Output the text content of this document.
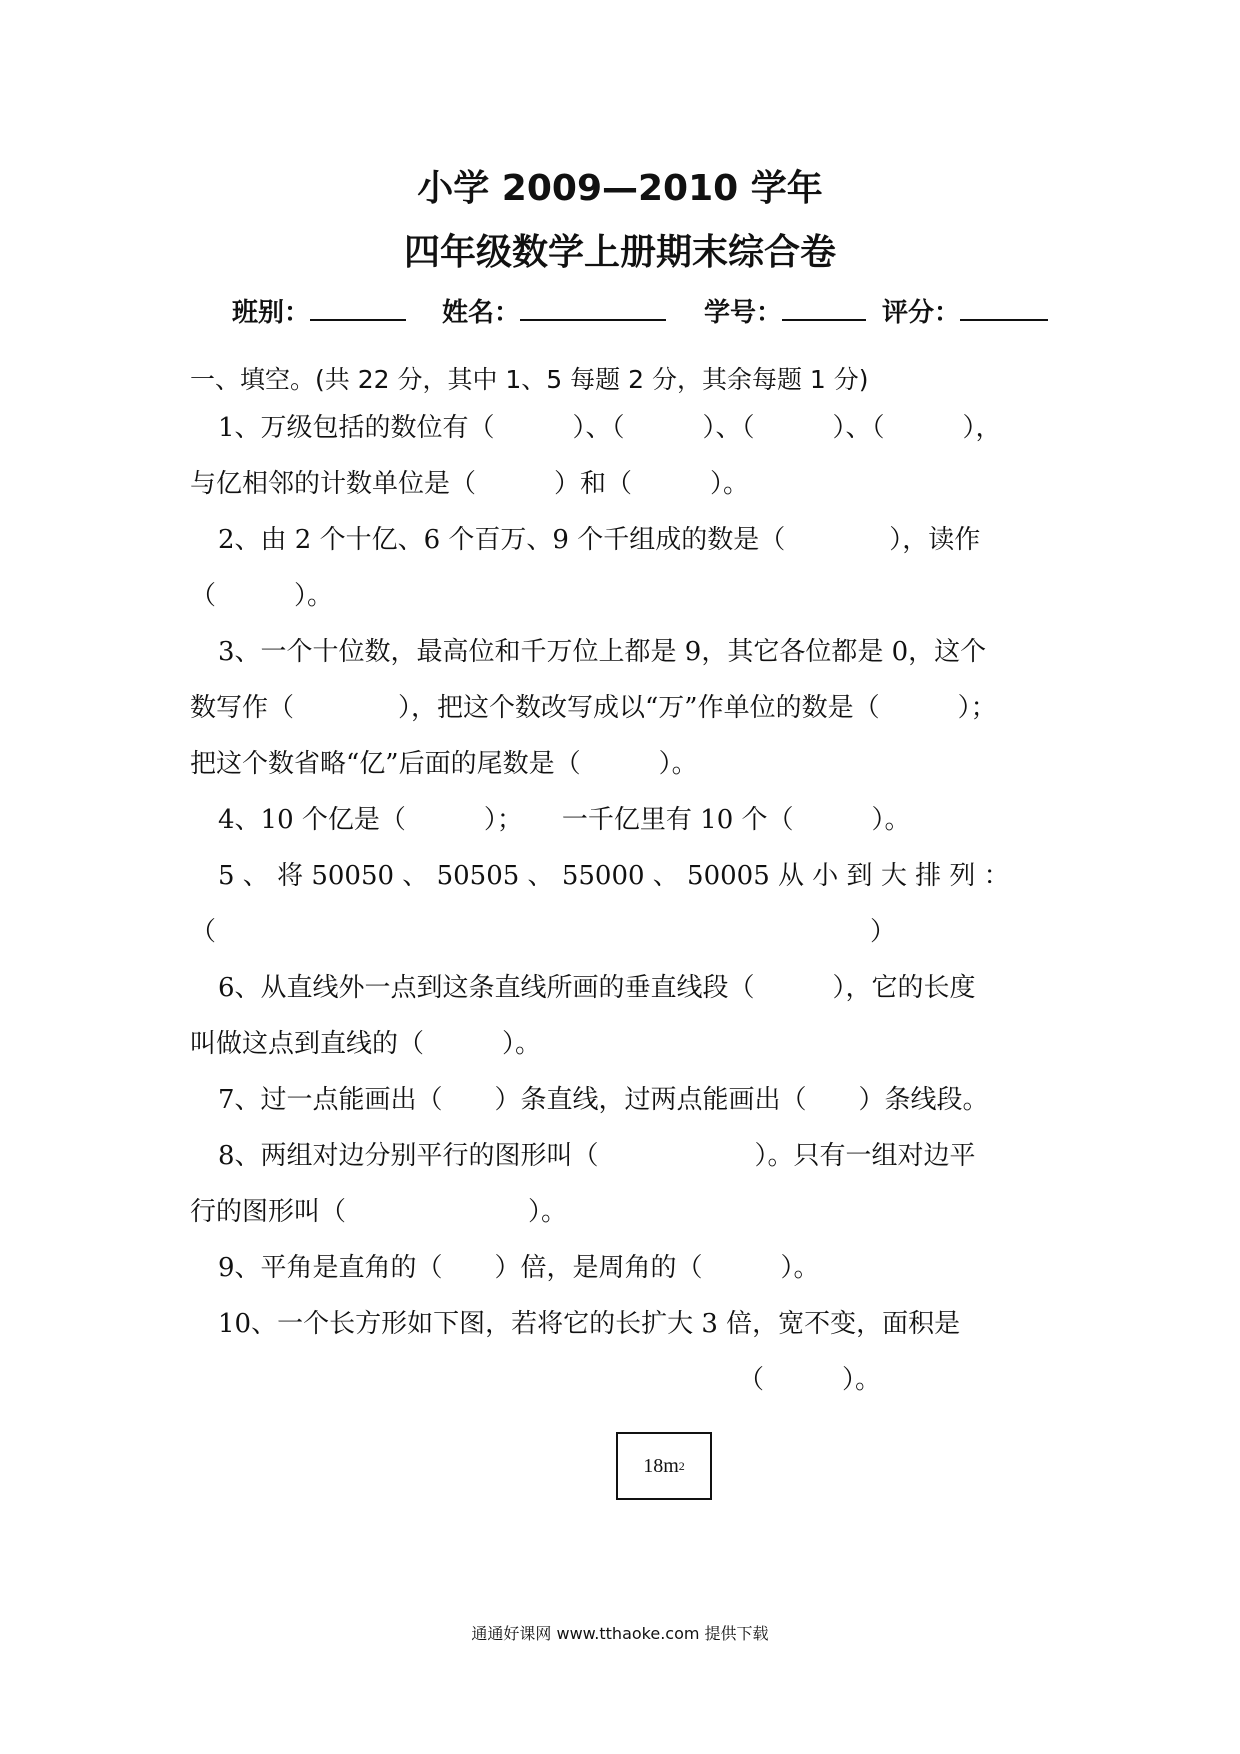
小学 2009—2010 学年
四年级数学上册期末综合卷
班别：	姓名：	学号：	评分：
一、填空。(共 22 分，其中 1、5 每题 2 分，其余每题 1 分)
1、万级包括的数位有（　　　）、（　　　）、（　　　）、（　　　），
与亿相邻的计数单位是（　　　）和（　　　）。
2、由 2 个十亿、6 个百万、9 个千组成的数是（　　　　），读作
（　　　）。
3、一个十位数，最高位和千万位上都是 9，其它各位都是 0，这个
数写作（　　　　），把这个数改写成以“万”作单位的数是（　　　）；
把这个数省略“亿”后面的尾数是（　　　）。
4、10 个亿是（　　　）；　　一千亿里有 10 个（　　　）。
5 、 将 50050 、 50505 、 55000 、 50005 从 小 到 大 排 列 ：
（	）
6、从直线外一点到这条直线所画的垂直线段（　　　），它的长度
叫做这点到直线的（　　　）。
7、过一点能画出（　　）条直线，过两点能画出（　　）条线段。
8、两组对边分别平行的图形叫（　　　　　　）。只有一组对边平
行的图形叫（　　　　　　　）。
9、平角是直角的（　　）倍，是周角的（　　　）。
10、一个长方形如下图，若将它的长扩大 3 倍，宽不变，面积是
（　　　）。
18 m 2
通通好课网 www.tthaoke.com 提供下载
